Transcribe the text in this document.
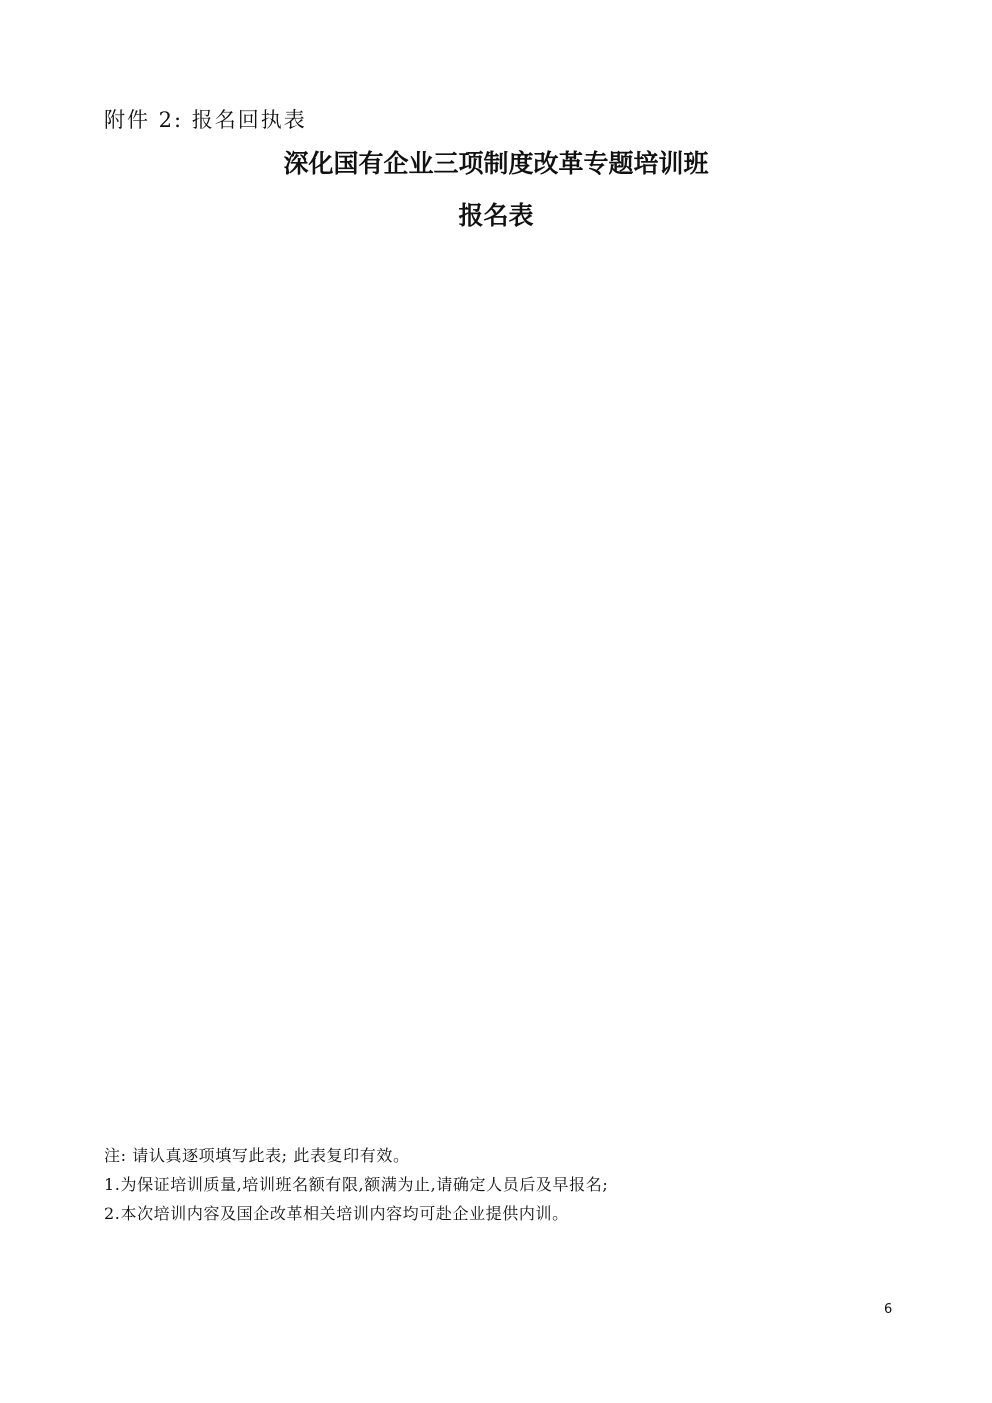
附件 2: 报名回执表
深化国有企业三项制度改革专题培训班
报名表
注: 请认真逐项填写此表; 此表复印有效。
1.为保证培训质量,培训班名额有限,额满为止,请确定人员后及早报名;
2.本次培训内容及国企改革相关培训内容均可赴企业提供内训。
6
